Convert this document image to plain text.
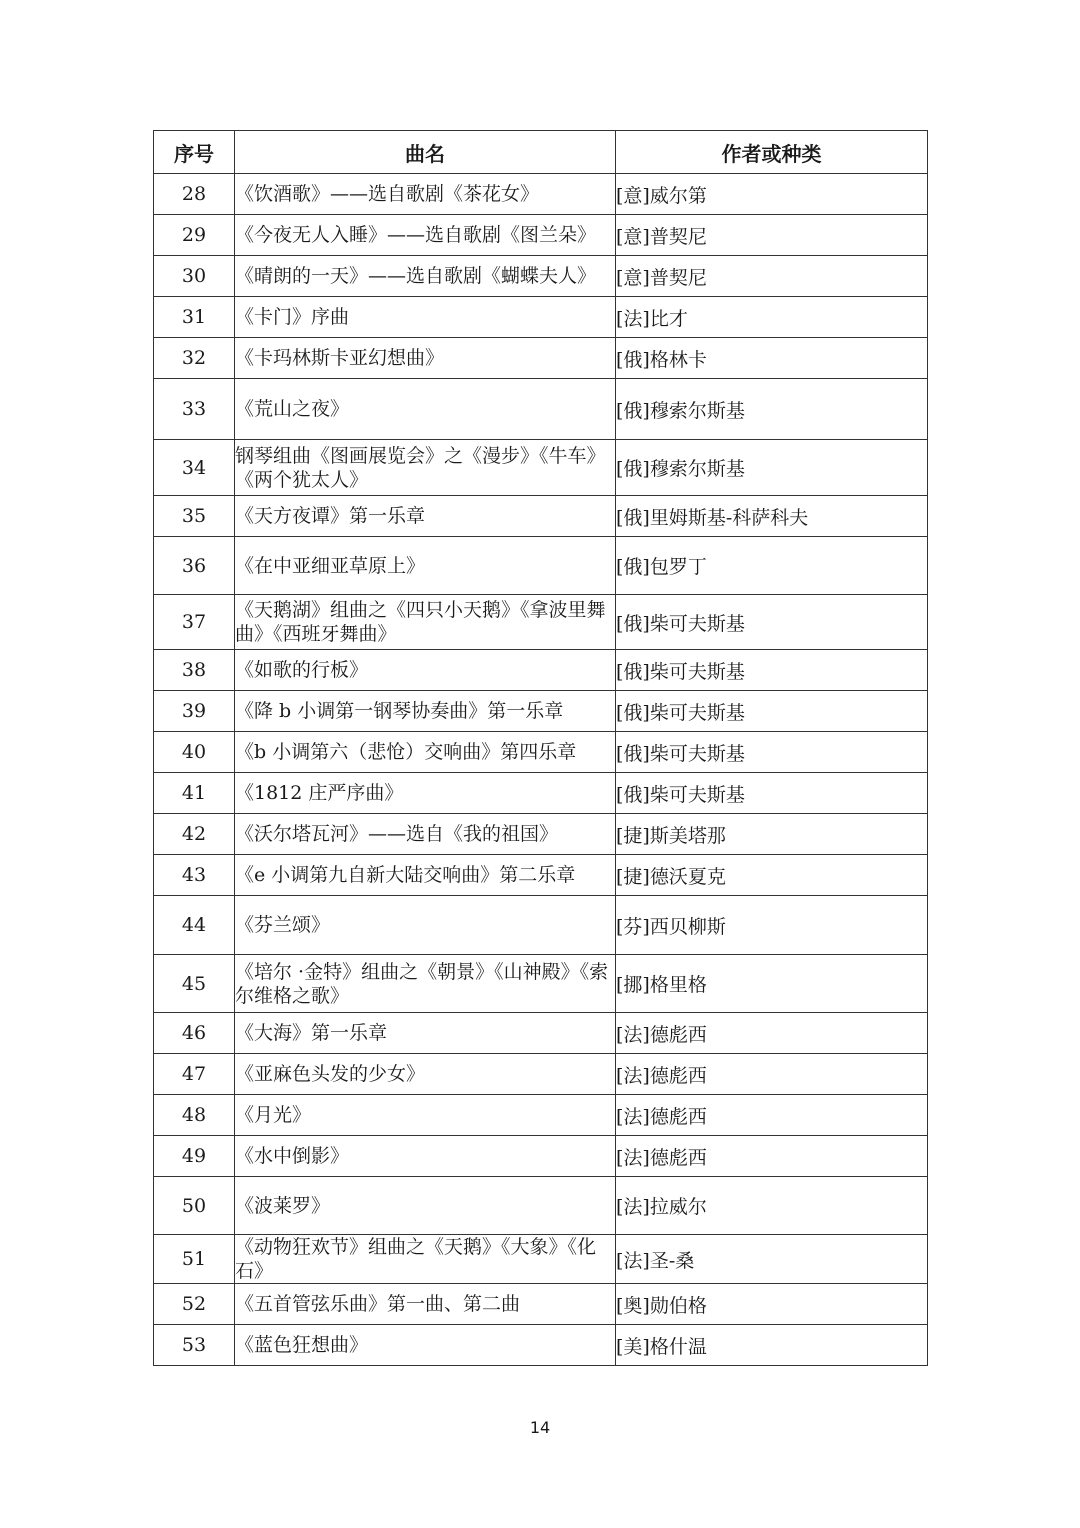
序号	曲名	作者或种类
28	《饮酒歌》——选自歌剧《茶花女》	[意]威尔第
29	《今夜无人入睡》——选自歌剧《图兰朵》	[意]普契尼
30	《晴朗的一天》——选自歌剧《蝴蝶夫人》	[意]普契尼
31	《卡门》序曲	[法]比才
32	《卡玛林斯卡亚幻想曲》	[俄]格林卡
33	《荒山之夜》	[俄]穆索尔斯基
34	钢琴组曲《图画展览会》之《漫步》《牛车》《两个犹太人》	[俄]穆索尔斯基
35	《天方夜谭》第一乐章	[俄]里姆斯基-科萨科夫
36	《在中亚细亚草原上》	[俄]包罗丁
37	《天鹅湖》组曲之《四只小天鹅》《拿波里舞曲》《西班牙舞曲》	[俄]柴可夫斯基
38	《如歌的行板》	[俄]柴可夫斯基
39	《降 b 小调第一钢琴协奏曲》第一乐章	[俄]柴可夫斯基
40	《b 小调第六（悲怆）交响曲》第四乐章	[俄]柴可夫斯基
41	《1812 庄严序曲》	[俄]柴可夫斯基
42	《沃尔塔瓦河》——选自《我的祖国》	[捷]斯美塔那
43	《e 小调第九自新大陆交响曲》第二乐章	[捷]德沃夏克
44	《芬兰颂》	[芬]西贝柳斯
45	《培尔 ·金特》组曲之《朝景》《山神殿》《索尔维格之歌》	[挪]格里格
46	《大海》第一乐章	[法]德彪西
47	《亚麻色头发的少女》	[法]德彪西
48	《月光》	[法]德彪西
49	《水中倒影》	[法]德彪西
50	《波莱罗》	[法]拉威尔
51	《动物狂欢节》组曲之《天鹅》《大象》《化石》	[法]圣-桑
52	《五首管弦乐曲》第一曲、第二曲	[奥]勋伯格
53	《蓝色狂想曲》	[美]格什温
14
